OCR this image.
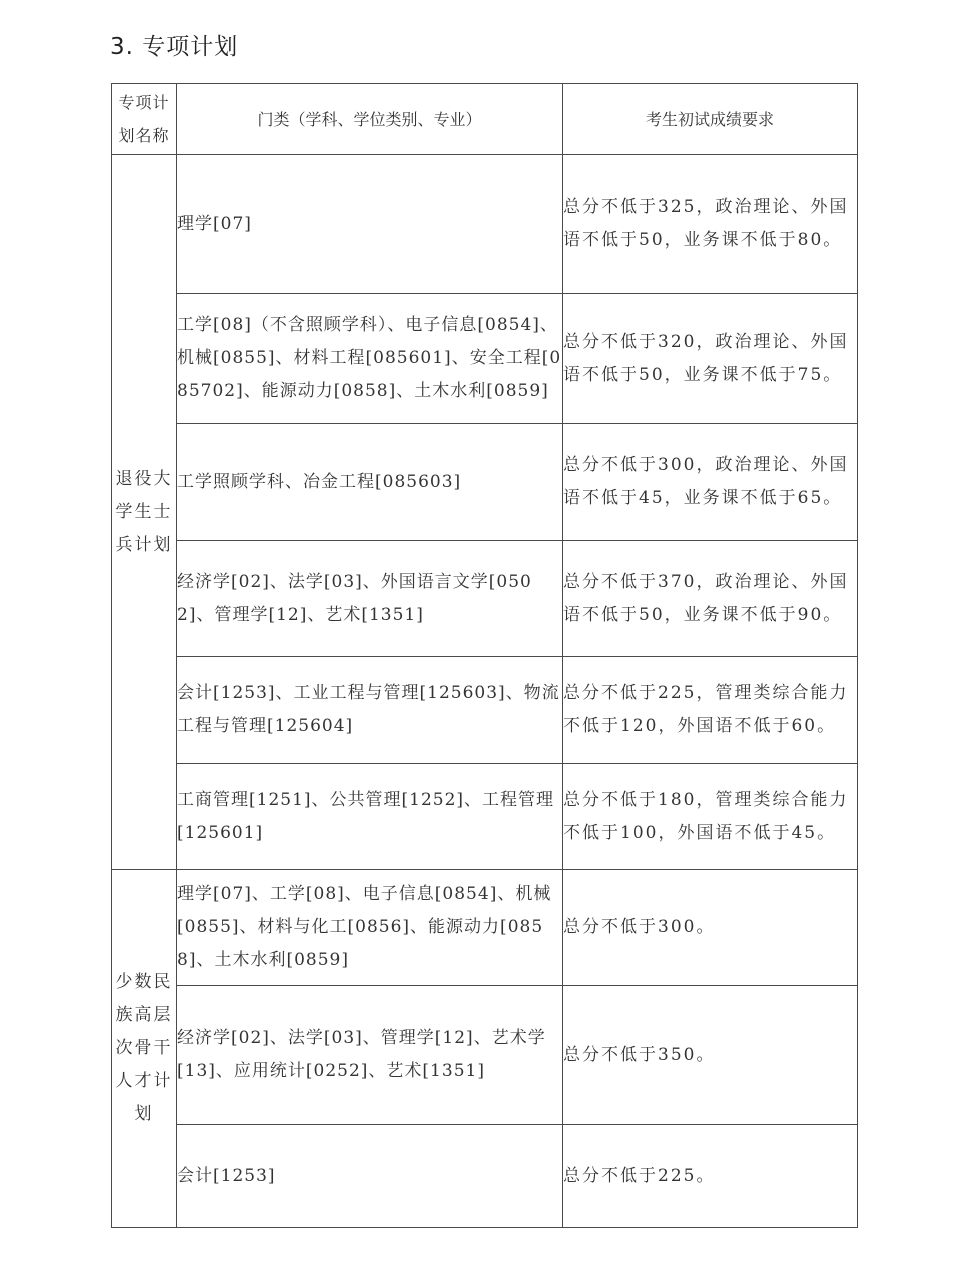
3. 专项计划
专项计划名称	门类（学科、学位类别、专业）	考生初试成绩要求
退役大学生士兵计划	理学[07]	总分不低于325，政治理论、外国语不低于50，业务课不低于80。
	工学[08]（不含照顾学科）、电子信息[0854]、机械[0855]、材料工程[085601]、安全工程[085702]、能源动力[0858]、土木水利[0859]	总分不低于320，政治理论、外国语不低于50，业务课不低于75。
	工学照顾学科、冶金工程[085603]	总分不低于300，政治理论、外国语不低于45，业务课不低于65。
	经济学[02]、法学[03]、外国语言文学[0502]、管理学[12]、艺术[1351]	总分不低于370，政治理论、外国语不低于50，业务课不低于90。
	会计[1253]、工业工程与管理[125603]、物流工程与管理[125604]	总分不低于225，管理类综合能力不低于120，外国语不低于60。
	工商管理[1251]、公共管理[1252]、工程管理[125601]	总分不低于180，管理类综合能力不低于100，外国语不低于45。
少数民族高层次骨干人才计划	理学[07]、工学[08]、电子信息[0854]、机械[0855]、材料与化工[0856]、能源动力[0858]、土木水利[0859]	总分不低于300。
	经济学[02]、法学[03]、管理学[12]、艺术学[13]、应用统计[0252]、艺术[1351]	总分不低于350。
	会计[1253]	总分不低于225。
